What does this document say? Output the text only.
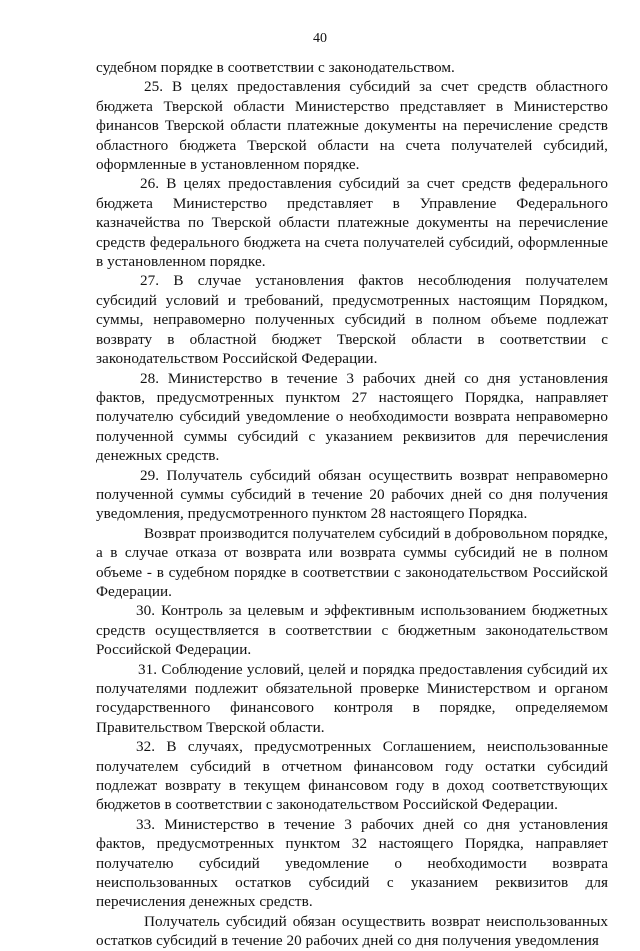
40

судебном порядке в соответствии с законодательством.

25. В целях предоставления субсидий за счет средств областного бюджета Тверской области Министерство представляет в Министерство финансов Тверской области платежные документы на перечисление средств областного бюджета Тверской области на счета получателей субсидий, оформленные в установленном порядке.

26. В целях предоставления субсидий за счет средств федерального бюджета Министерство представляет в Управление Федерального казначейства по Тверской области платежные документы на перечисление средств федерального бюджета на счета получателей субсидий, оформленные в установленном порядке.

27. В случае установления фактов несоблюдения получателем субсидий условий и требований, предусмотренных настоящим Порядком, суммы, неправомерно полученных субсидий в полном объеме подлежат возврату в областной бюджет Тверской области в соответствии с законодательством Российской Федерации.

28. Министерство в течение 3 рабочих дней со дня установления фактов, предусмотренных пунктом 27 настоящего Порядка, направляет получателю субсидий уведомление о необходимости возврата неправомерно полученной суммы субсидий с указанием реквизитов для перечисления денежных средств.

29. Получатель субсидий обязан осуществить возврат неправомерно полученной суммы субсидий в течение 20 рабочих дней со дня получения уведомления, предусмотренного пунктом 28 настоящего Порядка.

Возврат производится получателем субсидий в добровольном порядке, а в случае отказа от возврата или возврата суммы субсидий не в полном объеме - в судебном порядке в соответствии с законодательством Российской Федерации.

30. Контроль за целевым и эффективным использованием бюджетных средств осуществляется в соответствии с бюджетным законодательством Российской Федерации.

31. Соблюдение условий, целей и порядка предоставления субсидий их получателями подлежит обязательной проверке Министерством и органом государственного финансового контроля в порядке, определяемом Правительством Тверской области.

32. В случаях, предусмотренных Соглашением, неиспользованные получателем субсидий в отчетном финансовом году остатки субсидий подлежат возврату в текущем финансовом году в доход соответствующих бюджетов в соответствии с законодательством Российской Федерации.

33. Министерство в течение 3 рабочих дней со дня установления фактов, предусмотренных пунктом 32 настоящего Порядка, направляет получателю субсидий уведомление о необходимости возврата неиспользованных остатков субсидий с указанием реквизитов для перечисления денежных средств.

Получатель субсидий обязан осуществить возврат неиспользованных остатков субсидий в течение 20 рабочих дней со дня получения уведомления
